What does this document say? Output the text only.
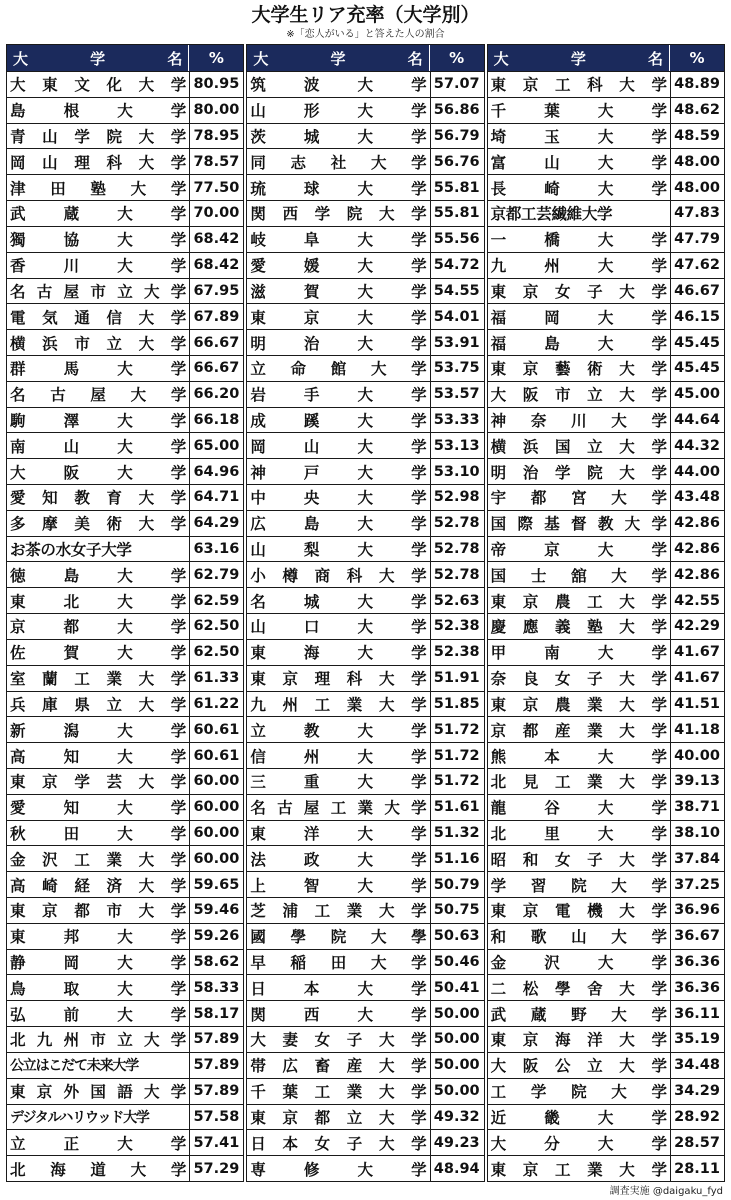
大学生リア充率（大学別）
※「恋人がいる」と答えた人の割合
大	学	名	%
大 東 文 化 大 学 80.95
島 根 大 学 80.00
青 山 学 院 大 学 78.95
岡 山 理 科 大 学 78.57
津 田 塾 大 学 77.50
武 蔵 大 学 70.00
獨 協 大 学 68.42
香 川 大 学 68.42
名 古 屋 市 立 大 学 67.95
電 気 通 信 大 学 67.89
横 浜 市 立 大 学 66.67
群 馬 大 学 66.67
名 古 屋 大 学 66.20
駒 澤 大 学 66.18
南 山 大 学 65.00
大 阪 大 学 64.96
愛 知 教 育 大 学 64.71
多 摩 美 術 大 学 64.29
お茶の水女子大学	63.16
徳 島 大 学 62.79
東 北 大 学 62.59
京 都 大 学 62.50
佐 賀 大 学 62.50
室 蘭 工 業 大 学 61.33
兵 庫 県 立 大 学 61.22
新 潟 大 学 60.61
高 知 大 学 60.61
東 京 学 芸 大 学 60.00
愛 知 大 学 60.00
秋 田 大 学 60.00
金 沢 工 業 大 学 60.00
高 崎 経 済 大 学 59.65
東 京 都 市 大 学 59.46
東 邦 大 学 59.26
静 岡 大 学 58.62
鳥 取 大 学 58.33
弘 前 大 学 58.17
北 九 州 市 立 大 学 57.89
公立はこだて未来大学	57.89
東 京 外 国 語 大 学 57.89
デジタルハリウッド大学	57.58
立 正 大 学 57.41
北 海 道 大 学 57.29
大	学	名	%
筑 波 大 学 57.07
山 形 大 学 56.86
茨 城 大 学 56.79
同 志 社 大 学 56.76
琉 球 大 学 55.81
関 西 学 院 大 学 55.81
岐 阜 大 学 55.56
愛 媛 大 学 54.72
滋 賀 大 学 54.55
東 京 大 学 54.01
明 治 大 学 53.91
立 命 館 大 学 53.75
岩 手 大 学 53.57
成 蹊 大 学 53.33
岡 山 大 学 53.13
神 戸 大 学 53.10
中 央 大 学 52.98
広 島 大 学 52.78
山 梨 大 学 52.78
小 樽 商 科 大 学 52.78
名 城 大 学 52.63
山 口 大 学 52.38
東 海 大 学 52.38
東 京 理 科 大 学 51.91
九 州 工 業 大 学 51.85
立 教 大 学 51.72
信 州 大 学 51.72
三 重 大 学 51.72
名 古 屋 工 業 大 学 51.61
東 洋 大 学 51.32
法 政 大 学 51.16
上 智 大 学 50.79
芝 浦 工 業 大 学 50.75
國 學 院 大 學 50.63
早 稲 田 大 学 50.46
日 本 大 学 50.41
関 西 大 学 50.00
大 妻 女 子 大 学 50.00
帯 広 畜 産 大 学 50.00
千 葉 工 業 大 学 50.00
東 京 都 立 大 学 49.32
日 本 女 子 大 学 49.23
専 修 大 学 48.94
大	学	名	%
東 京 工 科 大 学 48.89
千 葉 大 学 48.62
埼 玉 大 学 48.59
富 山 大 学 48.00
長 崎 大 学 48.00
京都工芸繊維大学	47.83
一 橋 大 学 47.79
九 州 大 学 47.62
東 京 女 子 大 学 46.67
福 岡 大 学 46.15
福 島 大 学 45.45
東 京 藝 術 大 学 45.45
大 阪 市 立 大 学 45.00
神 奈 川 大 学 44.64
横 浜 国 立 大 学 44.32
明 治 学 院 大 学 44.00
宇 都 宮 大 学 43.48
国 際 基 督 教 大 学 42.86
帝 京 大 学 42.86
国 士 舘 大 学 42.86
東 京 農 工 大 学 42.55
慶 應 義 塾 大 学 42.29
甲 南 大 学 41.67
奈 良 女 子 大 学 41.67
東 京 農 業 大 学 41.51
京 都 産 業 大 学 41.18
熊 本 大 学 40.00
北 見 工 業 大 学 39.13
龍 谷 大 学 38.71
北 里 大 学 38.10
昭 和 女 子 大 学 37.84
学 習 院 大 学 37.25
東 京 電 機 大 学 36.96
和 歌 山 大 学 36.67
金 沢 大 学 36.36
二 松 學 舍 大 学 36.36
武 蔵 野 大 学 36.11
東 京 海 洋 大 学 35.19
大 阪 公 立 大 学 34.48
工 学 院 大 学 34.29
近 畿 大 学 28.92
大 分 大 学 28.57
東 京 工 業 大 学 28.11
調査実施 @daigaku_fyd
